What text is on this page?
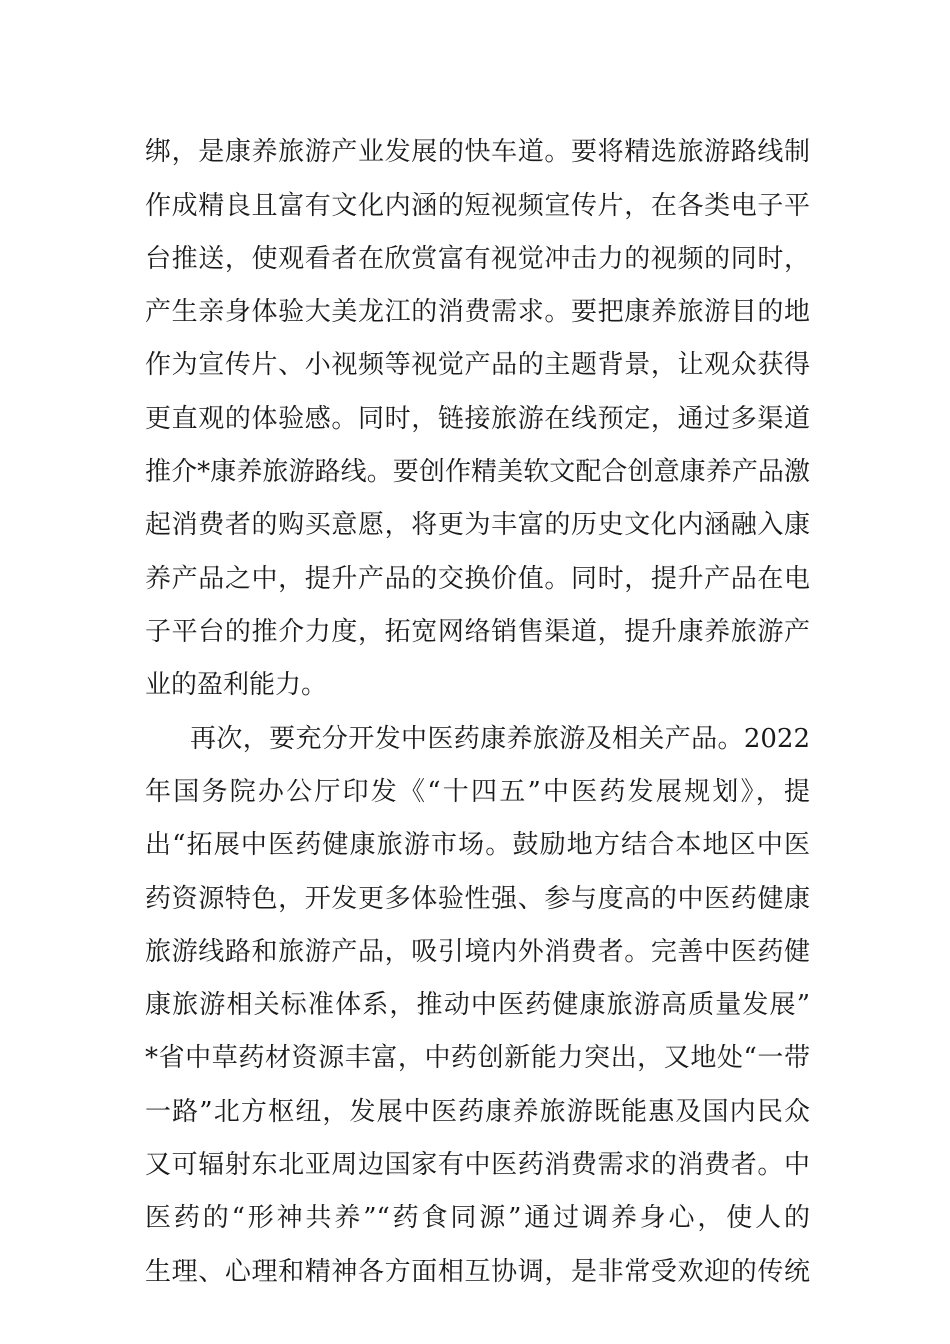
绑，是康养旅游产业发展的快车道。要将精选旅游路线制
作成精良且富有文化内涵的短视频宣传片，在各类电子平
台推送，使观看者在欣赏富有视觉冲击力的视频的同时，
产生亲身体验大美龙江的消费需求。要把康养旅游目的地
作为宣传片、小视频等视觉产品的主题背景，让观众获得
更直观的体验感。同时，链接旅游在线预定，通过多渠道
推介*康养旅游路线。要创作精美软文配合创意康养产品激
起消费者的购买意愿，将更为丰富的历史文化内涵融入康
养产品之中，提升产品的交换价值。同时，提升产品在电
子平台的推介力度，拓宽网络销售渠道，提升康养旅游产
业的盈利能力。
再次，要充分开发中医药康养旅游及相关产品。2022
年国务院办公厅印发《“十四五”中医药发展规划》，提
出“拓展中医药健康旅游市场。鼓励地方结合本地区中医
药资源特色，开发更多体验性强、参与度高的中医药健康
旅游线路和旅游产品，吸引境内外消费者。完善中医药健
康旅游相关标准体系，推动中医药健康旅游高质量发展”
*省中草药材资源丰富，中药创新能力突出，又地处“一带
一路”北方枢纽，发展中医药康养旅游既能惠及国内民众
又可辐射东北亚周边国家有中医药消费需求的消费者。中
医药的“形神共养”“药食同源”通过调养身心，使人的
生理、心理和精神各方面相互协调，是非常受欢迎的传统
